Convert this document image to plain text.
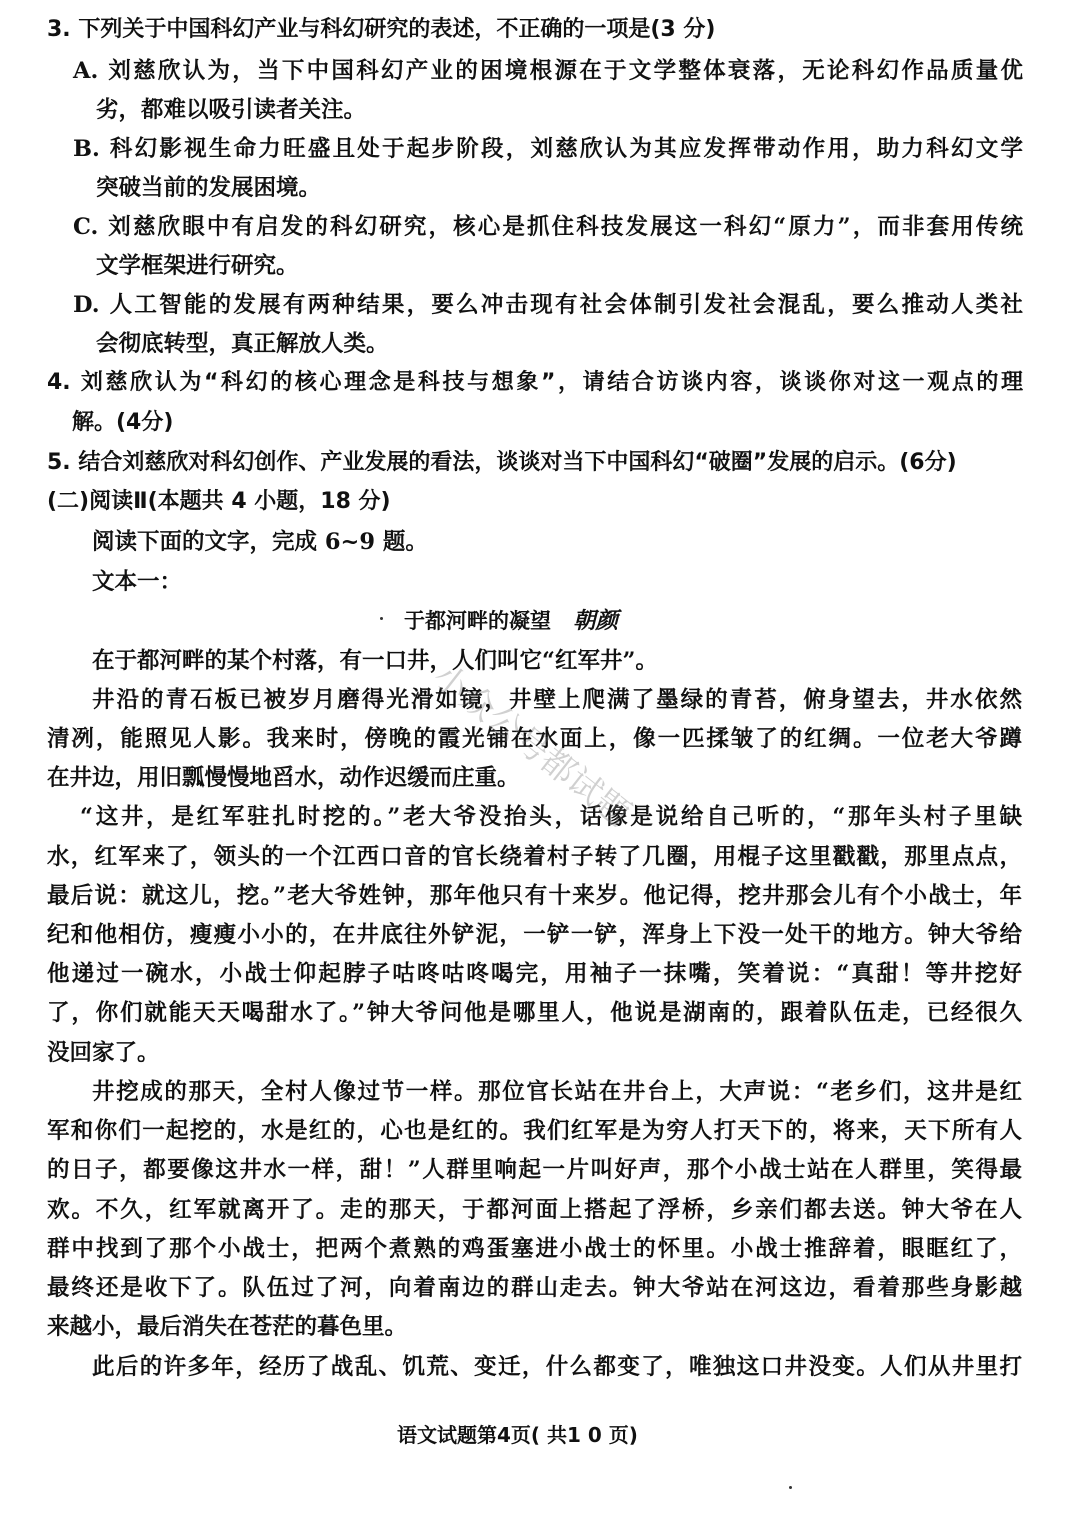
3. 下列关于中国科幻产业与科幻研究的表述，不正确的一项是(3 分)
A. 刘慈欣认为，当下中国科幻产业的困境根源在于文学整体衰落，无论科幻作品质量优
劣，都难以吸引读者关注。
B. 科幻影视生命力旺盛且处于起步阶段，刘慈欣认为其应发挥带动作用，助力科幻文学
突破当前的发展困境。
C. 刘慈欣眼中有启发的科幻研究，核心是抓住科技发展这一科幻“原力”，而非套用传统
文学框架进行研究。
D. 人工智能的发展有两种结果，要么冲击现有社会体制引发社会混乱，要么推动人类社
会彻底转型，真正解放人类。
4. 刘慈欣认为“科幻的核心理念是科技与想象”，请结合访谈内容，谈谈你对这一观点的理
解。(4分)
5. 结合刘慈欣对科幻创作、产业发展的看法，谈谈对当下中国科幻“破圈”发展的启示。(6分)
(二)阅读Ⅱ(本题共 4 小题，18 分)
阅读下面的文字，完成 6~9 题。
文本一：
于都河畔的凝望 朝颜
在于都河畔的某个村落，有一口井，人们叫它“红军井”。
井沿的青石板已被岁月磨得光滑如镜，井壁上爬满了墨绿的青苔，俯身望去，井水依然
清冽，能照见人影。我来时，傍晚的霞光铺在水面上，像一匹揉皱了的红绸。一位老大爷蹲
在井边，用旧瓢慢慢地舀水，动作迟缓而庄重。
“这井，是红军驻扎时挖的。”老大爷没抬头，话像是说给自己听的，“那年头村子里缺
水，红军来了，领头的一个江西口音的官长绕着村子转了几圈，用棍子这里戳戳，那里点点，
最后说：就这儿，挖。”老大爷姓钟，那年他只有十来岁。他记得，挖井那会儿有个小战士，年
纪和他相仿，瘦瘦小小的，在井底往外铲泥，一铲一铲，浑身上下没一处干的地方。钟大爷给
他递过一碗水，小战士仰起脖子咕咚咕咚喝完，用袖子一抹嘴，笑着说：“真甜！等井挖好
了，你们就能天天喝甜水了。”钟大爷问他是哪里人，他说是湖南的，跟着队伍走，已经很久
没回家了。
井挖成的那天，全村人像过节一样。那位官长站在井台上，大声说：“老乡们，这井是红
军和你们一起挖的，水是红的，心也是红的。我们红军是为穷人打天下的，将来，天下所有人
的日子，都要像这井水一样，甜！”人群里响起一片叫好声，那个小战士站在人群里，笑得最
欢。不久，红军就离开了。走的那天，于都河面上搭起了浮桥，乡亲们都去送。钟大爷在人
群中找到了那个小战士，把两个煮熟的鸡蛋塞进小战士的怀里。小战士推辞着，眼眶红了，
最终还是收下了。队伍过了河，向着南边的群山走去。钟大爷站在河这边，看着那些身影越
来越小，最后消失在苍茫的暮色里。
此后的许多年，经历了战乱、饥荒、变迁，什么都变了，唯独这口井没变。人们从井里打
语文试题第4页( 共1 0 页)
小众公号都试题
